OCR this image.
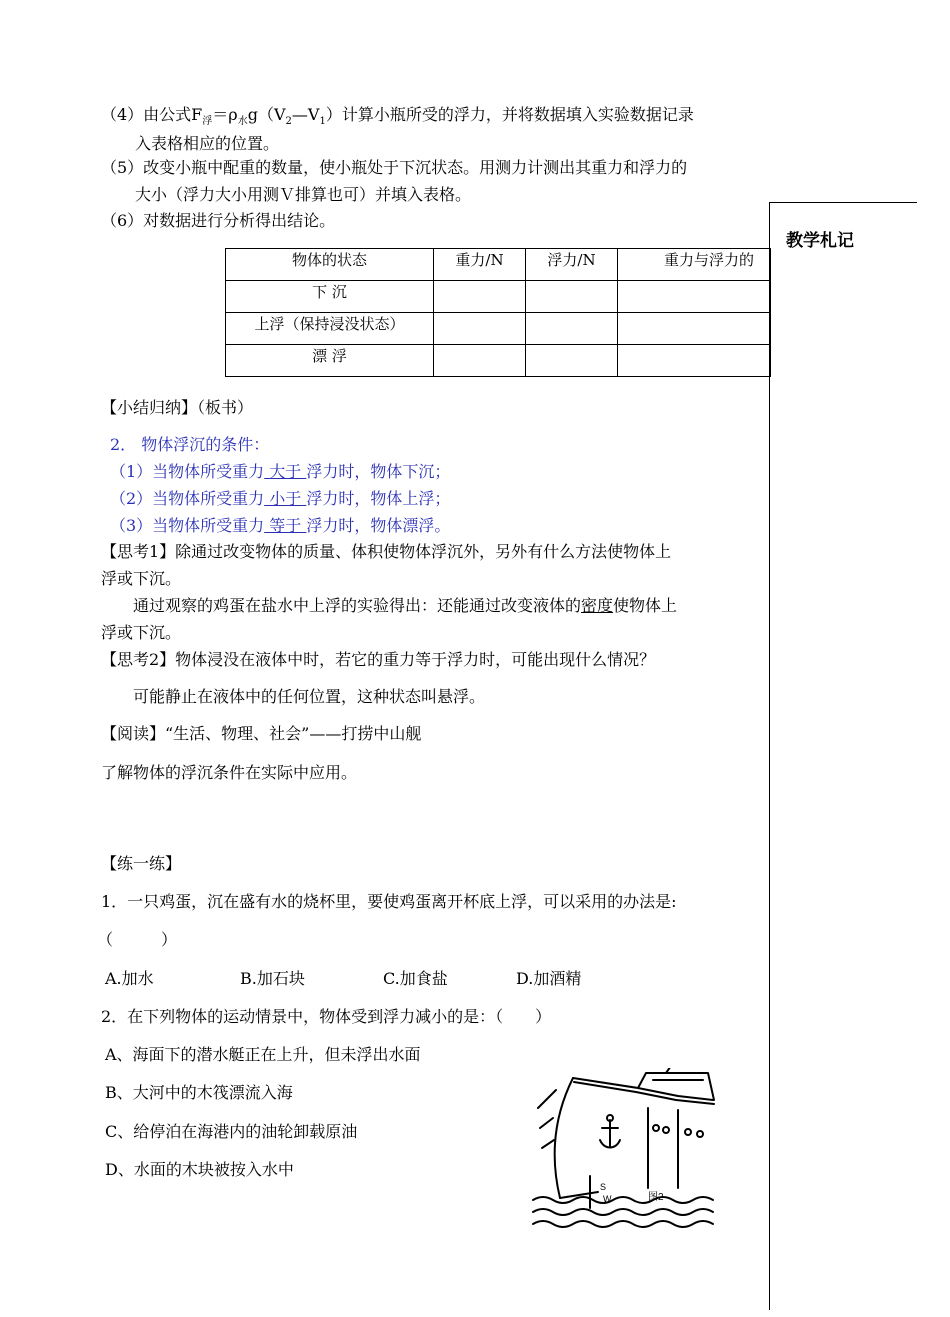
（4）由公式$F_浮=\rho_水g(V_2—V_1)$计算小瓶所受的浮力，并将数据填入实验数据记录
入表格相应的位置。
（5）改变小瓶中配重的数量，使小瓶处于下沉状态。用测力计测出其重力和浮力的
大小（浮力大小用测Ｖ排算也可）并填入表格。
（6）对数据进行分析得出结论。
教学札记
物体的状态	重力/N	浮力/N	重力与浮力的
下 沉			
上浮（保持浸没状态）			
漂 浮			
【小结归纳】（板书）
2． 物体浮沉的条件：
（1）当物体所受重力 大于 浮力时，物体下沉；
（2）当物体所受重力 小于 浮力时，物体上浮；
（3）当物体所受重力 等于 浮力时，物体漂浮。
【思考1】除通过改变物体的质量、体积使物体浮沉外，另外有什么方法使物体上
浮或下沉。
通过观察的鸡蛋在盐水中上浮的实验得出：还能通过改变液体的密度使物体上
浮或下沉。
【思考2】物体浸没在液体中时，若它的重力等于浮力时，可能出现什么情况？
可能静止在液体中的任何位置，这种状态叫悬浮。
【阅读】“生活、物理、社会”——打捞中山舰
了解物体的浮沉条件在实际中应用。
【练一练】
1．一只鸡蛋，沉在盛有水的烧杯里，要使鸡蛋离开杯底上浮，可以采用的办法是:
（　　　）
A.加水	B.加石块	C.加食盐	D.加酒精
2．在下列物体的运动情景中，物体受到浮力减小的是：（　　）
A、海面下的潜水艇正在上升，但未浮出水面
B、大河中的木筏漂流入海
C、给停泊在海港内的油轮卸载原油
D、水面的木块被按入水中
S
W	图2
